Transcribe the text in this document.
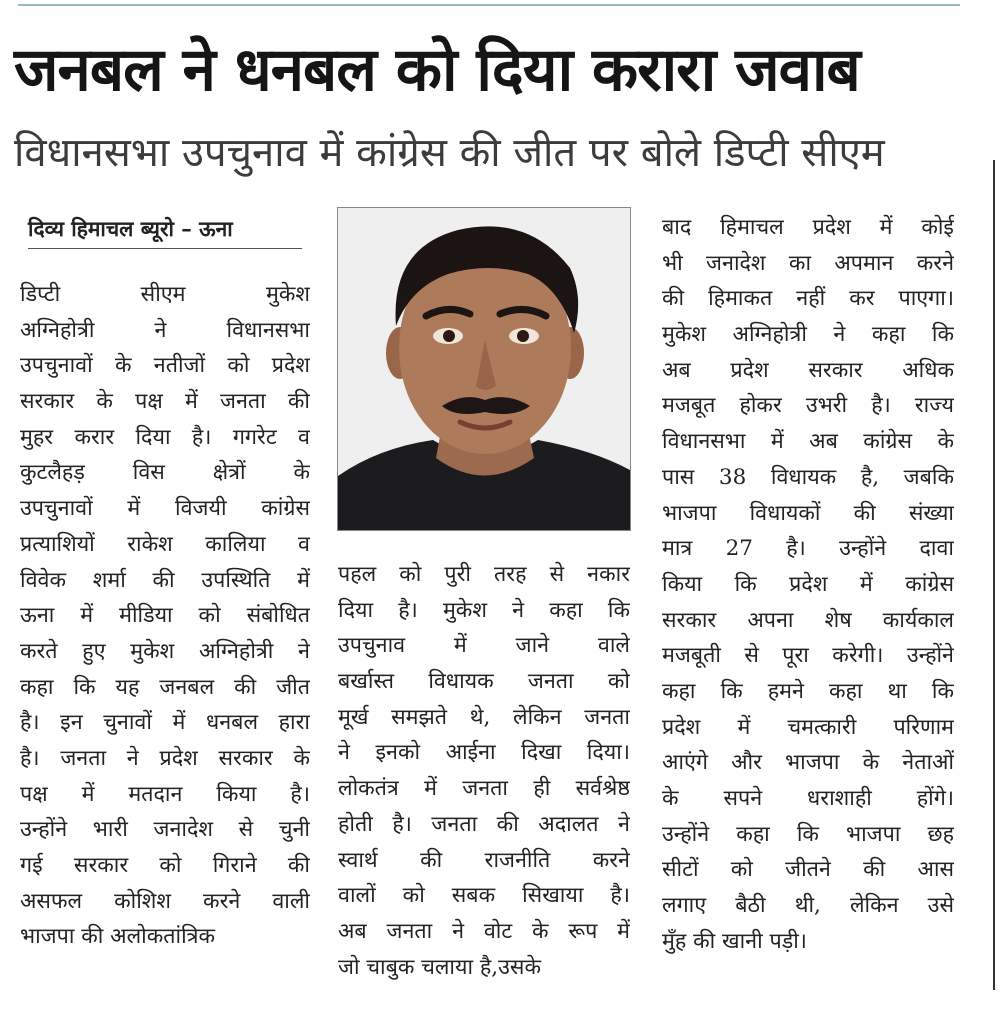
जनबल ने धनबल को दिया करारा जवाब
विधानसभा उपचुनाव में कांग्रेस की जीत पर बोले डिप्टी सीएम
दिव्य हिमाचल ब्यूरो – ऊना
डिप्टी सीएम मुकेश
अग्निहोत्री ने विधानसभा
उपचुनावों के नतीजों को प्रदेश
सरकार के पक्ष में जनता की
मुहर करार दिया है। गगरेट व
कुटलैहड़ विस क्षेत्रों के
उपचुनावों में विजयी कांग्रेस
प्रत्याशियों राकेश कालिया व
विवेक शर्मा की उपस्थिति में
ऊना में मीडिया को संबोधित
करते हुए मुकेश अग्निहोत्री ने
कहा कि यह जनबल की जीत
है। इन चुनावों में धनबल हारा
है। जनता ने प्रदेश सरकार के
पक्ष में मतदान किया है।
उन्होंने भारी जनादेश से चुनी
गई सरकार को गिराने की
असफल कोशिश करने वाली
भाजपा की अलोकतांत्रिक
पहल को पुरी तरह से नकार
दिया है। मुकेश ने कहा कि
उपचुनाव में जाने वाले
बर्खास्त विधायक जनता को
मूर्ख समझते थे, लेकिन जनता
ने इनको आईना दिखा दिया।
लोकतंत्र में जनता ही सर्वश्रेष्ठ
होती है। जनता की अदालत ने
स्वार्थ की राजनीति करने
वालों को सबक सिखाया है।
अब जनता ने वोट के रूप में
जो चाबुक चलाया है,उसके
बाद हिमाचल प्रदेश में कोई
भी जनादेश का अपमान करने
की हिमाकत नहीं कर पाएगा।
मुकेश अग्निहोत्री ने कहा कि
अब प्रदेश सरकार अधिक
मजबूत होकर उभरी है। राज्य
विधानसभा में अब कांग्रेस के
पास 38 विधायक है, जबकि
भाजपा विधायकों की संख्या
मात्र 27 है। उन्होंने दावा
किया कि प्रदेश में कांग्रेस
सरकार अपना शेष कार्यकाल
मजबूती से पूरा करेगी। उन्होंने
कहा कि हमने कहा था कि
प्रदेश में चमत्कारी परिणाम
आएंगे और भाजपा के नेताओं
के सपने धराशाही होंगे।
उन्होंने कहा कि भाजपा छह
सीटों को जीतने की आस
लगाए बैठी थी, लेकिन उसे
मुँह की खानी पड़ी।
